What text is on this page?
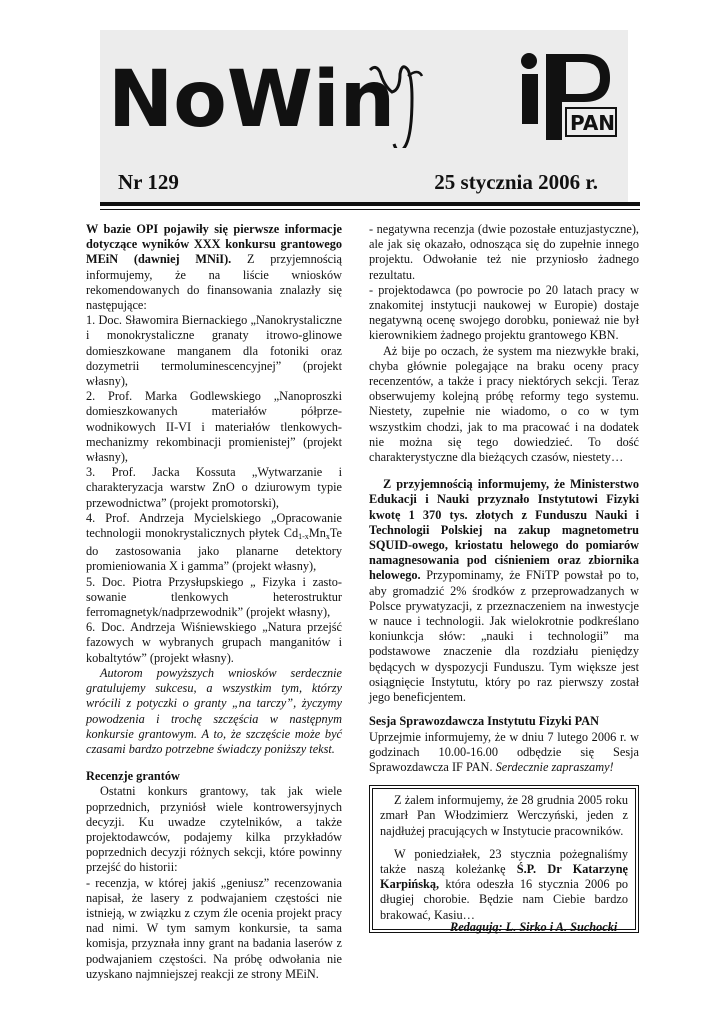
NoWin	PAN
Nr 129	25 stycznia 2006 r.

W bazie OPI pojawiły się pierwsze informacje dotyczące wyników XXX konkursu grantowego MEiN (dawniej MNiI). Z przyjemnością informujemy, że na liście wniosków rekomendowanych do finansowania znalazły się następujące:

1. Doc. Sławomira Biernackiego „Nanokrystaliczne i monokrystaliczne granaty itrowo-glinowe domieszkowane manganem dla fotoniki oraz dozymetrii termoluminescencyjnej” (projekt własny),

2. Prof. Marka Godlewskiego „Nanoproszki domieszkowanych materiałów półprze-wodnikowych II-VI i materiałów tlenkowych-mechanizmy rekombinacji promienistej” (projekt własny),

3. Prof. Jacka Kossuta „Wytwarzanie i charakteryzacja warstw ZnO o dziurowym typie przewodnictwa” (projekt promotorski),

4. Prof. Andrzeja Mycielskiego „Opracowanie technologii monokrystalicznych płytek $Cd_{1-x}Mn_xTe$ do zastosowania jako planarne detektory promieniowania X i gamma” (projekt własny),

5. Doc. Piotra Przysłupskiego „ Fizyka i zasto-sowanie tlenkowych heterostruktur ferromagnetyk/nadprzewodnik” (projekt własny),

6. Doc. Andrzeja Wiśniewskiego „Natura przejść fazowych w wybranych grupach manganitów i kobaltytów” (projekt własny).

Autorom powyższych wniosków serdecznie gratulujemy sukcesu, a wszystkim tym, którzy wrócili z potyczki o granty „na tarczy”, życzymy powodzenia i trochę szczęścia w następnym konkursie grantowym. A to, że szczęście może być czasami bardzo potrzebne świadczy poniższy tekst.

Recenzje grantów

Ostatni konkurs grantowy, tak jak wiele poprzednich, przyniósł wiele kontrowersyjnych decyzji. Ku uwadze czytelników, a także projektodawców, podajemy kilka przykładów poprzednich decyzji różnych sekcji, które powinny przejść do historii:

- recenzja, w której jakiś „geniusz” recenzowania napisał, że lasery z podwajaniem częstości nie istnieją, w związku z czym źle ocenia projekt pracy nad nimi. W tym samym konkursie, ta sama komisja, przyznała inny grant na badania laserów z podwajaniem częstości. Na próbę odwołania nie uzyskano najmniejszej reakcji ze strony MEiN.

- negatywna recenzja (dwie pozostałe entuzjastyczne), ale jak się okazało, odnosząca się do zupełnie innego projektu. Odwołanie też nie przyniosło żadnego rezultatu.

- projektodawca (po powrocie po 20 latach pracy w znakomitej instytucji naukowej w Europie) dostaje negatywną ocenę swojego dorobku, ponieważ nie był kierownikiem żadnego projektu grantowego KBN.

Aż bije po oczach, że system ma niezwykłe braki, chyba głównie polegające na braku oceny pracy recenzentów, a także i pracy niektórych sekcji. Teraz obserwujemy kolejną próbę reformy tego systemu. Niestety, zupełnie nie wiadomo, o co w tym wszystkim chodzi, jak to ma pracować i na dodatek nie można się tego dowiedzieć. To dość charakterystyczne dla bieżących czasów, niestety…

Z przyjemnością informujemy, że Ministerstwo Edukacji i Nauki przyznało Instytutowi Fizyki kwotę 1 370 tys. złotych z Funduszu Nauki i Technologii Polskiej na zakup magnetometru SQUID-owego, kriostatu helowego do pomiarów namagnesowania pod ciśnieniem oraz zbiornika helowego. Przypominamy, że FNiTP powstał po to, aby gromadzić 2% środków z przeprowadzanych w Polsce prywatyzacji, z przeznaczeniem na inwestycje w nauce i technologii. Jak wielokrotnie podkreślano koniunkcja słów: „nauki i technologii” ma podstawowe znaczenie dla rozdziału pieniędzy będących w dyspozycji Funduszu. Tym większe jest osiągnięcie Instytutu, który po raz pierwszy został jego beneficjentem.

Sesja Sprawozdawcza Instytutu Fizyki PAN

Uprzejmie informujemy, że w dniu 7 lutego 2006 r. w godzinach 10.00-16.00 odbędzie się Sesja Sprawozdawcza IF PAN. Serdecznie zapraszamy!

Z żalem informujemy, że 28 grudnia 2005 roku zmarł Pan Włodzimierz Werczyński, jeden z najdłużej pracujących w Instytucie pracowników.

W poniedziałek, 23 stycznia pożegnaliśmy także naszą koleżankę Ś.P. Dr Katarzynę Karpińską, która odeszła 16 stycznia 2006 po długiej chorobie. Będzie nam Ciebie bardzo brakować, Kasiu…

Redagują: L. Sirko i A. Suchocki
